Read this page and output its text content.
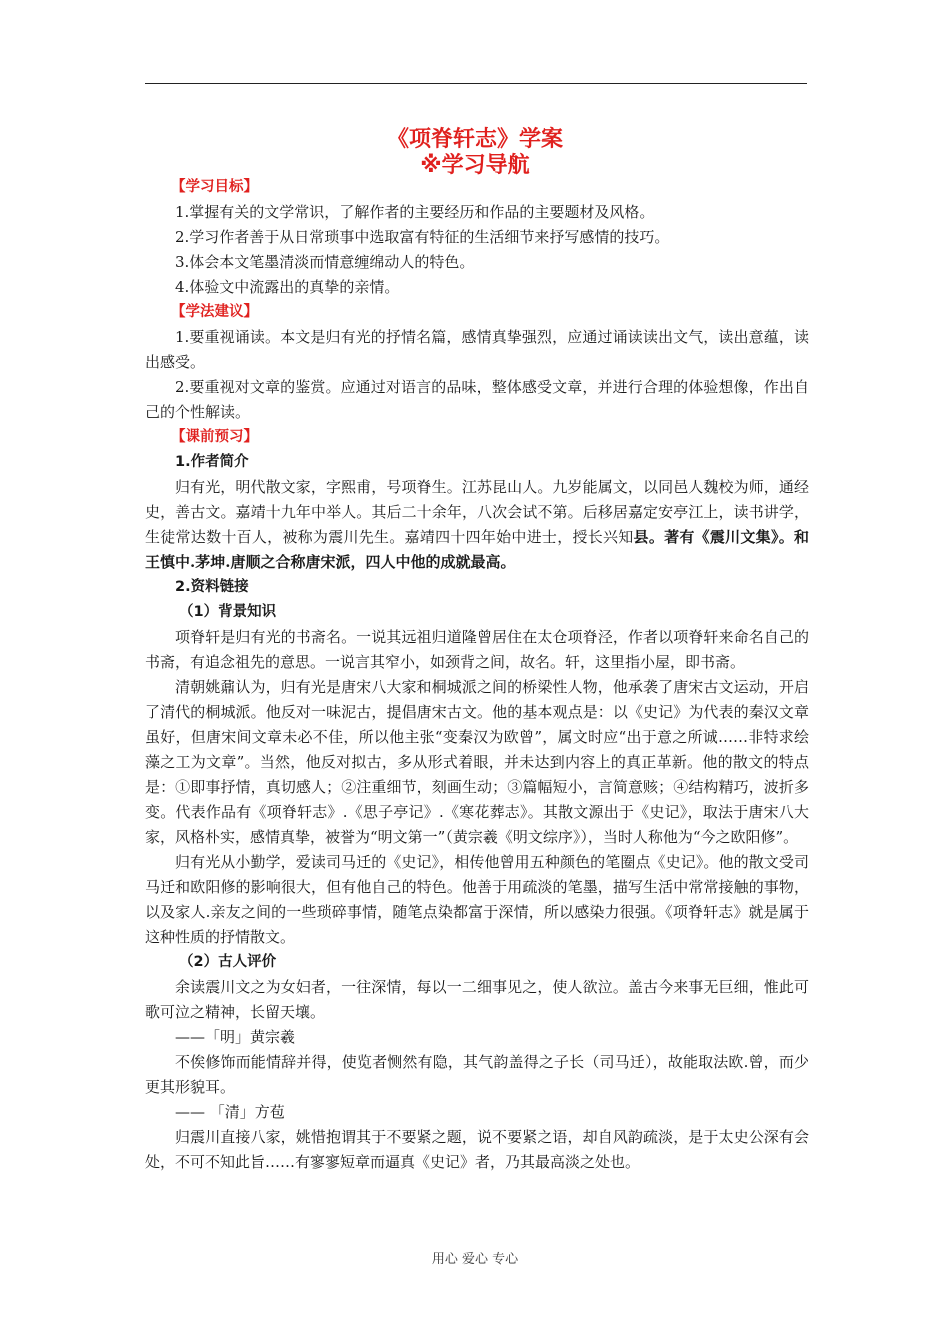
《项脊轩志》学案
※学习导航

【学习目标】

1.掌握有关的文学常识，了解作者的主要经历和作品的主要题材及风格。

2.学习作者善于从日常琐事中选取富有特征的生活细节来抒写感情的技巧。

3.体会本文笔墨清淡而情意缠绵动人的特色。

4.体验文中流露出的真挚的亲情。

【学法建议】

1.要重视诵读。本文是归有光的抒情名篇，感情真挚强烈，应通过诵读读出文气，读出意蕴，读出感受。

2.要重视对文章的鉴赏。应通过对语言的品味，整体感受文章，并进行合理的体验想像，作出自己的个性解读。

【课前预习】

1.作者简介

归有光，明代散文家，字熙甫，号项脊生。江苏昆山人。九岁能属文，以同邑人魏校为师，通经史，善古文。嘉靖十九年中举人。其后二十余年，八次会试不第。后移居嘉定安亭江上，读书讲学，生徒常达数十百人，被称为震川先生。嘉靖四十四年始中进士，授长兴知县。著有《震川文集》。和王慎中.茅坤.唐顺之合称唐宋派，四人中他的成就最高。

2.资料链接

（1）背景知识

项脊轩是归有光的书斋名。一说其远祖归道隆曾居住在太仓项脊泾，作者以项脊轩来命名自己的书斋，有追念祖先的意思。一说言其窄小，如颈背之间，故名。轩，这里指小屋，即书斋。

清朝姚鼐认为，归有光是唐宋八大家和桐城派之间的桥梁性人物，他承袭了唐宋古文运动，开启了清代的桐城派。他反对一味泥古，提倡唐宋古文。他的基本观点是：以《史记》为代表的秦汉文章虽好，但唐宋间文章未必不佳，所以他主张“变秦汉为欧曾”，属文时应“出于意之所诚……非特求绘藻之工为文章”。当然，他反对拟古，多从形式着眼，并未达到内容上的真正革新。他的散文的特点是：①即事抒情，真切感人；②注重细节，刻画生动；③篇幅短小，言简意赅；④结构精巧，波折多变。代表作品有《项脊轩志》.《思子亭记》.《寒花葬志》。其散文源出于《史记》，取法于唐宋八大家，风格朴实，感情真挚，被誉为“明文第一”（黄宗羲《明文综序》），当时人称他为“今之欧阳修”。

归有光从小勤学，爱读司马迁的《史记》，相传他曾用五种颜色的笔圈点《史记》。他的散文受司马迁和欧阳修的影响很大，但有他自己的特色。他善于用疏淡的笔墨，描写生活中常常接触的事物，以及家人.亲友之间的一些琐碎事情，随笔点染都富于深情，所以感染力很强。《项脊轩志》就是属于这种性质的抒情散文。

（2）古人评价

余读震川文之为女妇者，一往深情，每以一二细事见之，使人欲泣。盖古今来事无巨细，惟此可歌可泣之精神，长留天壤。

——「明」黄宗羲

不俟修饰而能情辞并得，使览者恻然有隐，其气韵盖得之子长（司马迁），故能取法欧.曾，而少更其形貌耳。

—— 「清」方苞

归震川直接八家，姚惜抱谓其于不要紧之题，说不要紧之语，却自风韵疏淡，是于太史公深有会处，不可不知此旨……有寥寥短章而逼真《史记》者，乃其最高淡之处也。

用心 爱心 专心
